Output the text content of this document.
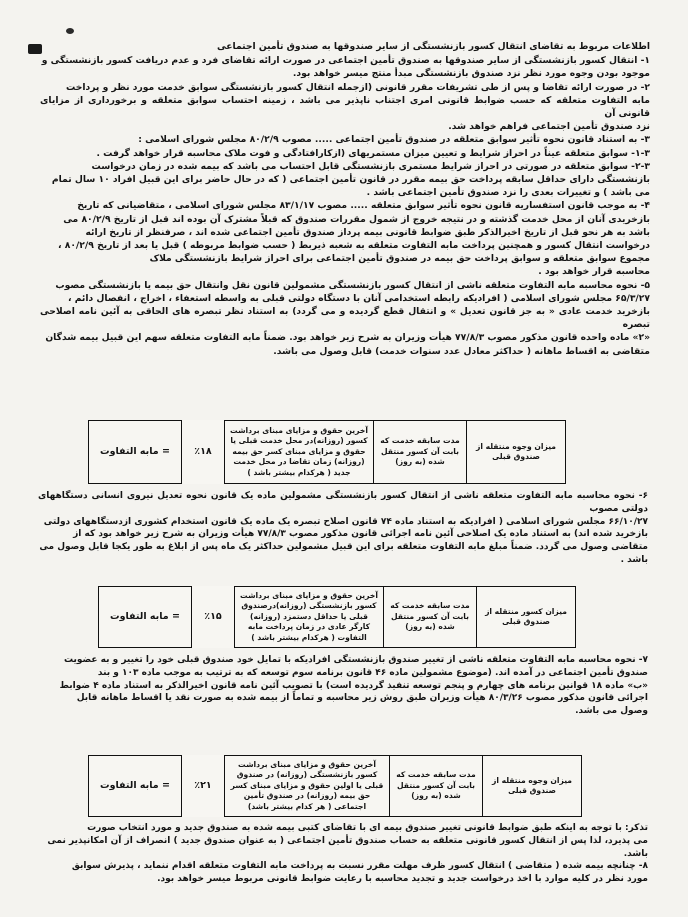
اطلاعات مربوط به تقاضای انتقال کسور بازنشستگی از سایر صندوقها به صندوق تأمین اجتماعی

۱- انتقال کسور بازنشستگی از سایر صندوقها به صندوق تأمین اجتماعی در صورت ارائه تقاضای فرد و عدم دریافت کسور بازنشستگی و

موجود بودن وجوه مورد نظر نزد صندوق بازنشستگی مبدأ منتج میسر خواهد بود.

۲- در صورت ارائه تقاضا و پس از طی تشریفات مقرر قانونی (ازجمله انتقال کسور بازنشستگی سوابق خدمت مورد نظر و پرداخت

مابه التفاوت متعلقه که حسب ضوابط قانونی امری اجتناب ناپذیر می باشد ، زمینه احتساب سوابق متعلقه و برخورداری از مزایای قانونی آن

نزد صندوق تأمین اجتماعی فراهم خواهد شد.

۳- به استناد قانون نحوه تأثیر سوابق متعلقه در صندوق تأمین اجتماعی ..... مصوب ۸۰/۲/۹ مجلس شورای اسلامی :

۱-۳- سوابق متعلقه عیناً در احراز شرایط و تعیین میزان مستمریهای (ازکارافتادگی و فوت ملاک محاسبه قرار خواهد گرفت .

۲-۳- سوابق متعلقه در صورتی در احراز شرایط مستمری بازنشستگی قابل احتساب می باشد که بیمه شده در زمان درخواست

بازنشستگی دارای حداقل سابقه پرداخت حق بیمه مقرر در قانون تأمین اجتماعی ( که در حال حاضر برای این قبیل افراد ۱۰ سال تمام

می باشد ) و تغییرات بعدی را نزد صندوق تأمین اجتماعی باشد .

۴- به موجب قانون استفساریه قانون نحوه تأثیر سوابق متعلقه ..... مصوب ۸۳/۱/۱۷ مجلس شورای اسلامی ، متقاضیانی که تاریخ

بازخریدی آنان از محل خدمت گذشته و در نتیجه خروج از شمول مقررات صندوق که قبلاً مشترک آن بوده اند قبل از تاریخ ۸۰/۲/۹ می

باشد به هر نحو قبل از تاریخ اخیرالذکر طبق ضوابط قانونی بیمه پرداز صندوق تأمین اجتماعی شده اند ، صرفنظر از تاریخ ارائه

درخواست انتقال کسور و همچنین پرداخت مابه التفاوت متعلقه به شعبه ذیربط ( حسب ضوابط مربوطه ) قبل یا بعد از تاریخ ۸۰/۲/۹ ،

مجموع سوابق متعلقه و سوابق پرداخت حق بیمه در صندوق تأمین اجتماعی برای احراز شرایط بازنشستگی ملاک

محاسبه قرار خواهد بود .

۵- نحوه محاسبه مابه التفاوت متعلقه ناشی از انتقال کسور بازنشستگی مشمولین قانون نقل وانتقال حق بیمه یا بازنشستگی مصوب

۶۵/۳/۲۷ مجلس شورای اسلامی ( افرادیکه رابطه استخدامی آنان با دستگاه دولتی قبلی به واسطه استعفاء ، اخراج ، انفصال دائم ،

بازخرید خدمت عادی « به جز قانون تعدیل » و انتقال قطع گردیده و می گردد) به استناد نظر تبصره های الحاقی به آئین نامه اصلاحی تبصره

«۲» ماده واحده قانون مذکور مصوب ۷۷/۸/۳ هیأت وزیران به شرح زیر خواهد بود. ضمناً مابه التفاوت متعلقه سهم این قبیل بیمه شدگان

متقاضی به اقساط ماهانه ( حداکثر معادل عدد سنوات خدمت) قابل وصول می باشد.

میزان وجوه منتقله از صندوق قبلی	مدت سابقه خدمت که بابت آن کسور منتقل شده (به روز)	آخرین حقوق و مزایای مبنای برداشت کسور (روزانه)در محل خدمت قبلی یا حقوق و مزایای مبنای کسر حق بیمه (روزانه) زمان تقاضا در محل خدمت جدید ( هرکدام بیشتر باشد )	٪۱۸	= مابه التفاوت

۶- نحوه محاسبه مابه التفاوت متعلقه ناشی از انتقال کسور بازنشستگی مشمولین ماده یک قانون نحوه تعدیل نیروی انسانی دستگاههای دولتی مصوب

۶۶/۱۰/۲۷ مجلس شورای اسلامی ( افرادیکه به استناد ماده ۷۴ قانون اصلاح تبصره یک ماده یک قانون استخدام کشوری ازدستگاههای دولتی

بازخرید شده اند) به استناد ماده یک اصلاحی آئین نامه اجرائی قانون مذکور مصوب ۷۷/۸/۳ هیأت وزیران به شرح زیر خواهد بود که از

متقاضی وصول می گردد. ضمناً مبلغ مابه التفاوت متعلقه برای این قبیل مشمولین حداکثر یک ماه پس از ابلاغ به طور یکجا قابل وصول می

باشد .

میزان کسور منتقله از صندوق قبلی	مدت سابقه خدمت که بابت آن کسور منتقل شده (به روز)	آخرین حقوق و مزایای مبنای برداشت کسور بازنشستگی (روزانه)درصندوق قبلی یا حداقل دستمزد (روزانه) کارگر عادی در زمان پرداخت مابه التفاوت ( هرکدام بیشتر باشد )	٪۱۵	= مابه التفاوت

۷- نحوه محاسبه مابه التفاوت متعلقه ناشی از تغییر صندوق بازنشستگی افرادیکه با تمایل خود صندوق قبلی خود را تغییر و به عضویت

صندوق تأمین اجتماعی در آمده اند. (موضوع مشمولین ماده ۴۶ قانون برنامه سوم توسعه که به ترتیب به موجب ماده ۱۰۳ و بند

«ب» ماده ۱۸ قوانین برنامه های چهارم و پنجم توسعه تنفیذ گردیده است) با تصویب آئین نامه قانون اخیرالذکر به استناد ماده ۴ ضوابط

اجرائی قانون مذکور مصوب ۸۰/۳/۲۶ هیأت وزیران طبق روش زیر محاسبه و تماماً از بیمه شده به صورت نقد یا اقساط ماهانه قابل

وصول می باشد.

میزان وجوه منتقله از صندوق قبلی	مدت سابقه خدمت که بابت آن کسور منتقل شده (به روز)	آخرین حقوق و مزایای مبنای برداشت کسور بازنشستگی (روزانه) در صندوق قبلی یا اولین حقوق و مزایای مبنای کسر حق بیمه (روزانه) در صندوق تأمین اجتماعی ( هر کدام بیشتر باشد)	٪۲۱	= مابه التفاوت

تذکر: با توجه به اینکه طبق ضوابط قانونی تغییر صندوق بیمه ای با تقاضای کتبی بیمه شده به صندوق جدید و مورد انتخاب صورت

می پذیرد، لذا پس از انتقال کسور قانونی متعلقه به حساب صندوق تأمین اجتماعی ( به عنوان صندوق جدید ) انصراف از آن امکانپذیر نمی

باشد.

۸- چنانچه بیمه شده ( متقاضی ) انتقال کسور ظرف مهلت مقرر نسبت به پرداخت مابه التفاوت متعلقه اقدام ننماید ، پذیرش سوابق

مورد نظر در کلیه موارد با اخذ درخواست جدید و تجدید محاسبه با رعایت ضوابط قانونی مربوط میسر خواهد بود.
